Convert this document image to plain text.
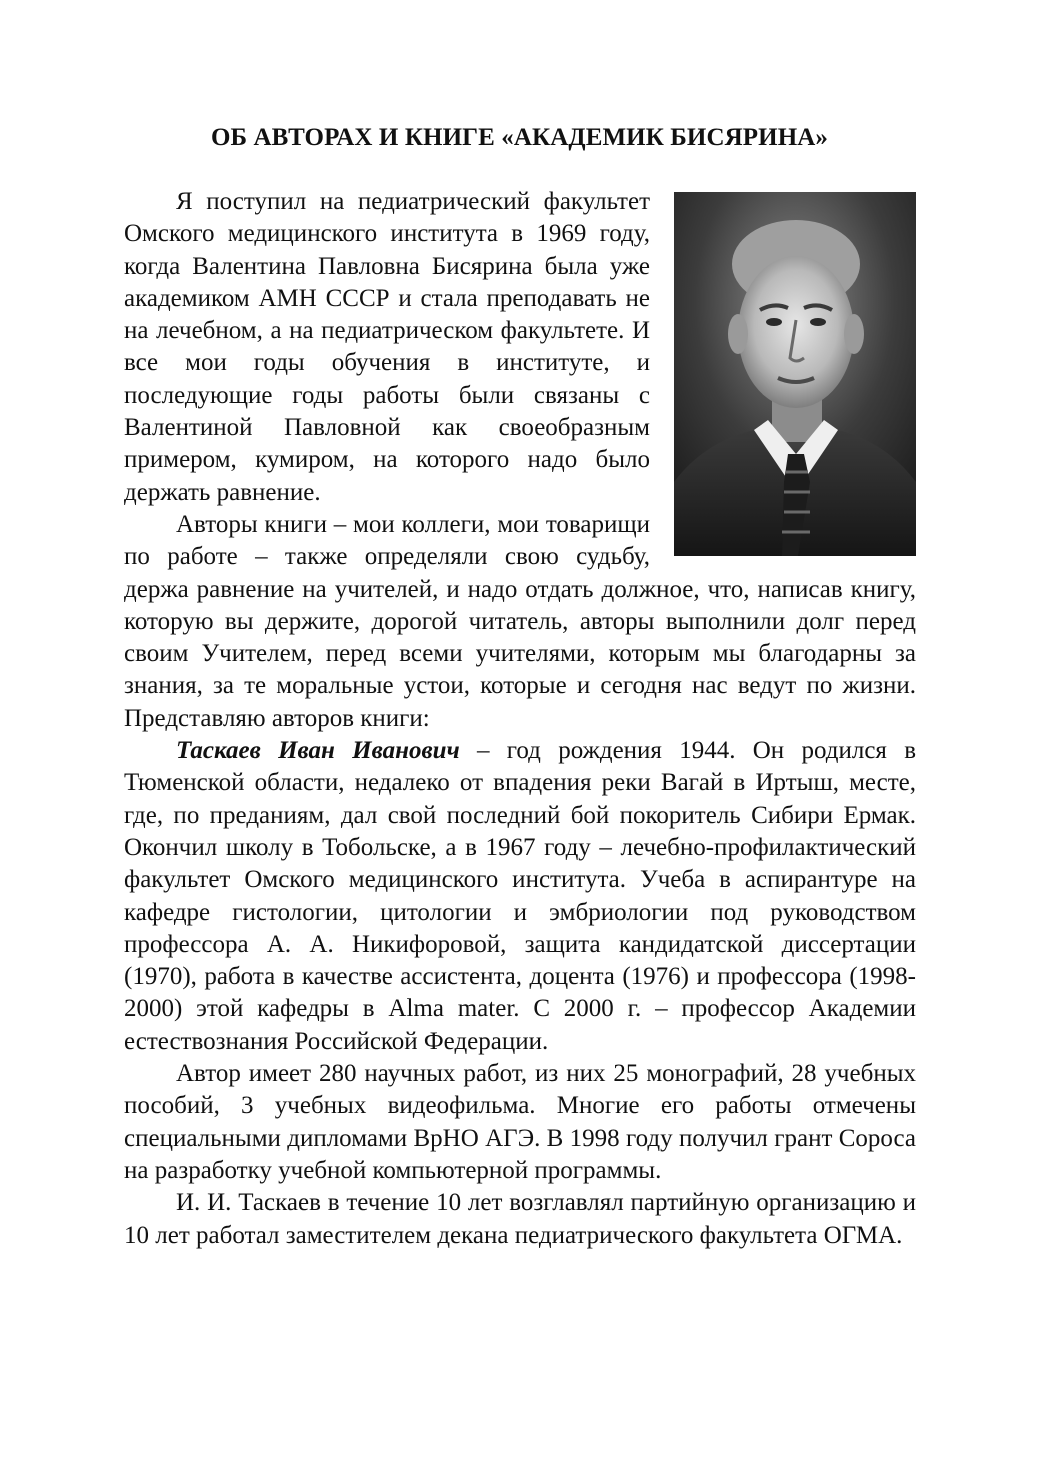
ОБ АВТОРАХ И КНИГЕ «АКАДЕМИК БИСЯРИНА»

Я поступил на педиатрический факультет Омского медицинского института в 1969 году, когда Валентина Павловна Бисярина была уже академиком АМН СССР и стала преподавать не на лечебном, а на педиатрическом факультете. И все мои годы обучения в институте, и последующие годы работы были связаны с Валентиной Павловной как своеобразным примером, кумиром, на которого надо было держать равнение.

Авторы книги – мои коллеги, мои товарищи по работе – также определяли свою судьбу, держа равнение на учителей, и надо отдать должное, что, написав книгу, которую вы держите, дорогой читатель, авторы выполнили долг перед своим Учителем, перед всеми учителями, которым мы благодарны за знания, за те моральные устои, которые и сегодня нас ведут по жизни. Представляю авторов книги:

Таскаев Иван Иванович – год рождения 1944. Он родился в Тюменской области, недалеко от впадения реки Вагай в Иртыш, месте, где, по преданиям, дал свой последний бой покоритель Сибири Ермак. Окончил школу в Тобольске, а в 1967 году – лечебно-профилактический факультет Омского медицинского института. Учеба в аспирантуре на кафедре гистологии, цитологии и эмбриологии под руководством профессора А. А. Никифоровой, защита кандидатской диссертации (1970), работа в качестве ассистента, доцента (1976) и профессора (1998-2000) этой кафедры в Alma mater. С 2000 г. – профессор Академии естествознания Российской Федерации.

Автор имеет 280 научных работ, из них 25 монографий, 28 учебных пособий, 3 учебных видеофильма. Многие его работы отмечены специальными дипломами ВрНО АГЭ. В 1998 году получил грант Сороса на разработку учебной компьютерной программы.

И. И. Таскаев в течение 10 лет возглавлял партийную организацию и 10 лет работал заместителем декана педиатрического факультета ОГМА.
